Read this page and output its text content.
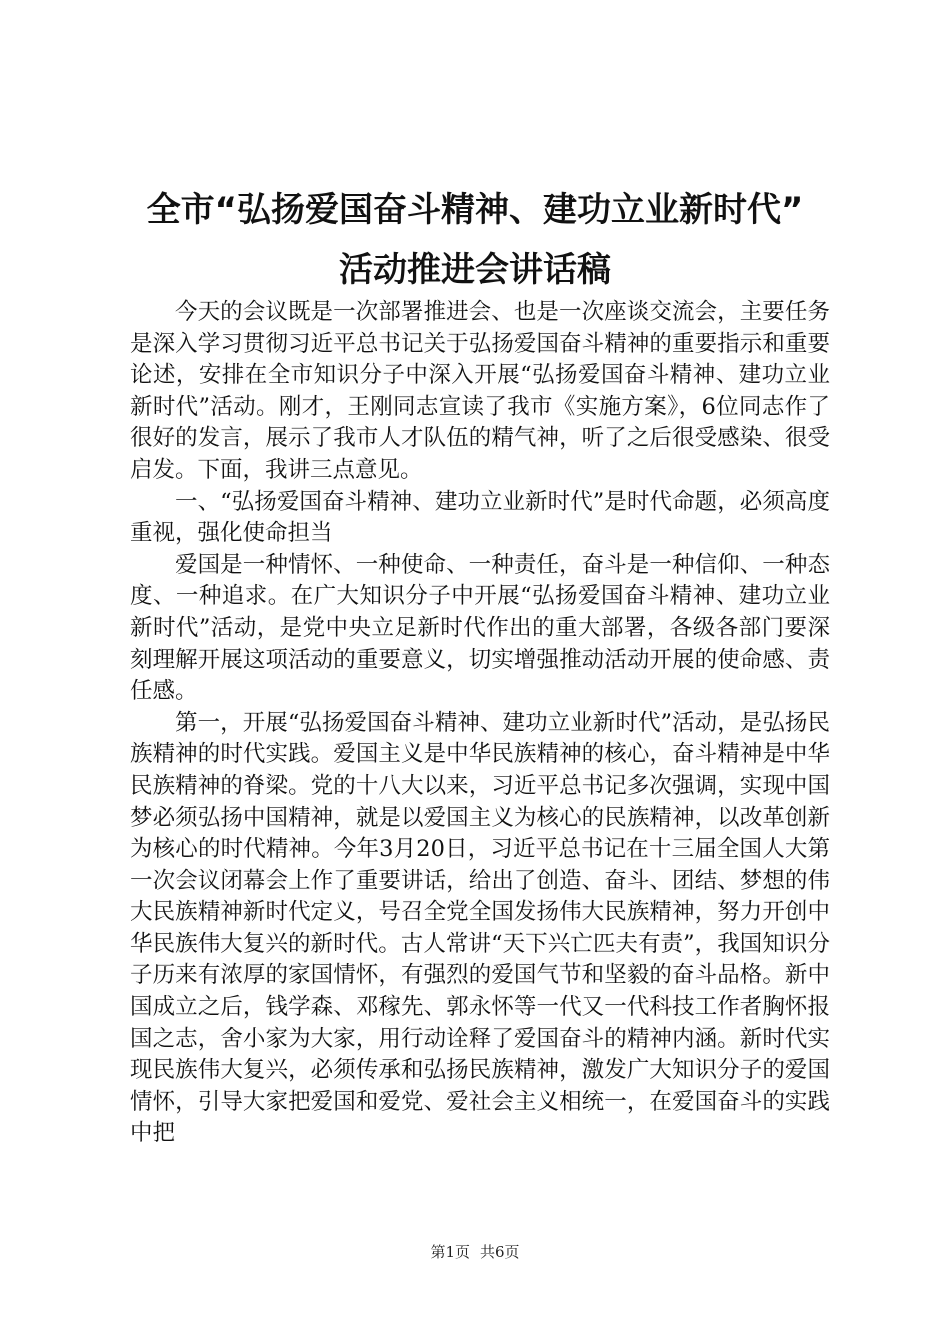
全市“弘扬爱国奋斗精神、建功立业新时代”
活动推进会讲话稿

今天的会议既是一次部署推进会、也是一次座谈交流会，主要任务是深入学习贯彻习近平总书记关于弘扬爱国奋斗精神的重要指示和重要论述，安排在全市知识分子中深入开展“弘扬爱国奋斗精神、建功立业新时代”活动。刚才，王刚同志宣读了我市《实施方案》，6位同志作了很好的发言，展示了我市人才队伍的精气神，听了之后很受感染、很受启发。下面，我讲三点意见。

一、“弘扬爱国奋斗精神、建功立业新时代”是时代命题，必须高度重视，强化使命担当

爱国是一种情怀、一种使命、一种责任，奋斗是一种信仰、一种态度、一种追求。在广大知识分子中开展“弘扬爱国奋斗精神、建功立业新时代”活动，是党中央立足新时代作出的重大部署，各级各部门要深刻理解开展这项活动的重要意义，切实增强推动活动开展的使命感、责任感。

第一，开展“弘扬爱国奋斗精神、建功立业新时代”活动，是弘扬民族精神的时代实践。爱国主义是中华民族精神的核心，奋斗精神是中华民族精神的脊梁。党的十八大以来，习近平总书记多次强调，实现中国梦必须弘扬中国精神，就是以爱国主义为核心的民族精神，以改革创新为核心的时代精神。今年3月20日，习近平总书记在十三届全国人大第一次会议闭幕会上作了重要讲话，给出了创造、奋斗、团结、梦想的伟大民族精神新时代定义，号召全党全国发扬伟大民族精神，努力开创中华民族伟大复兴的新时代。古人常讲“天下兴亡匹夫有责”，我国知识分子历来有浓厚的家国情怀，有强烈的爱国气节和坚毅的奋斗品格。新中国成立之后，钱学森、邓稼先、郭永怀等一代又一代科技工作者胸怀报国之志，舍小家为大家，用行动诠释了爱国奋斗的精神内涵。新时代实现民族伟大复兴，必须传承和弘扬民族精神，激发广大知识分子的爱国情怀，引导大家把爱国和爱党、爱社会主义相统一，在爱国奋斗的实践中把

第1页 共6页
